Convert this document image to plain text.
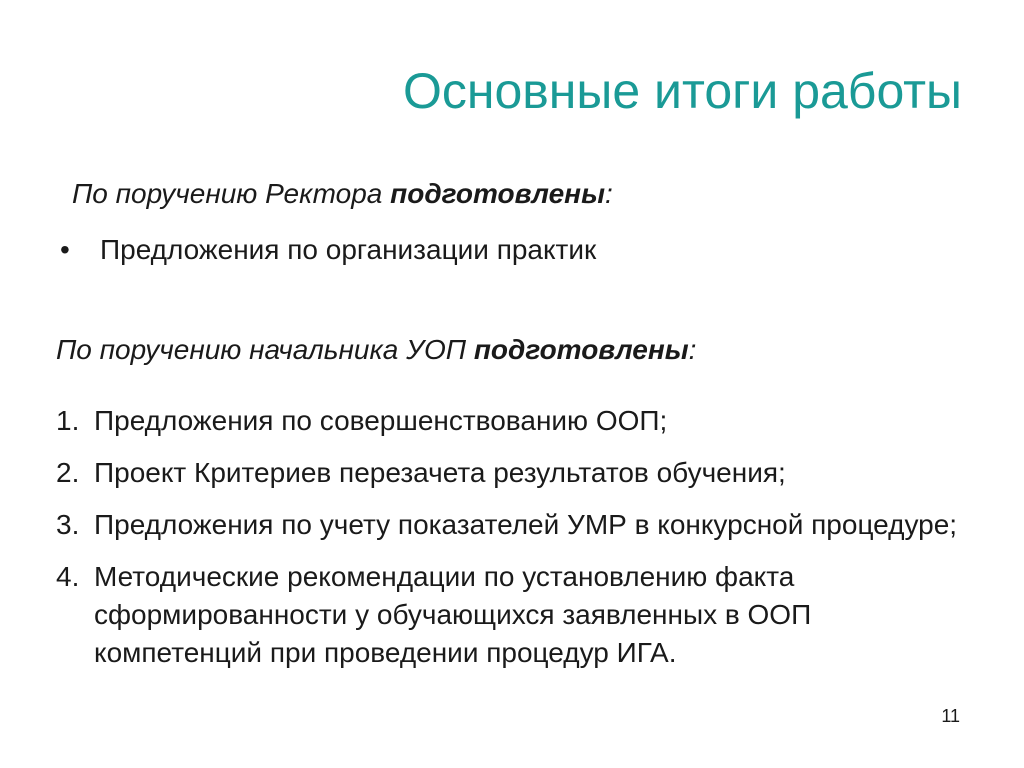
Основные итоги работы
По поручению Ректора подготовлены:
• Предложения по организации практик
По поручению начальника УОП подготовлены:
1. Предложения по совершенствованию ООП;
2. Проект Критериев перезачета результатов обучения;
3. Предложения по учету показателей УМР в конкурсной процедуре;
4. Методические рекомендации по установлению факта сформированности у обучающихся заявленных в ООП компетенций при проведении процедур ИГА.
11
